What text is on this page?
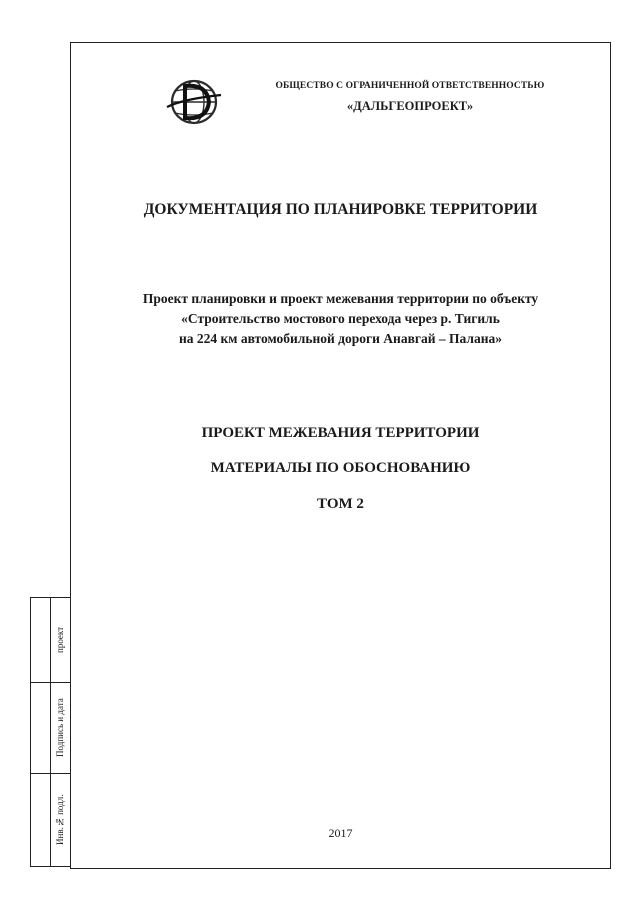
проект
Подпись и дата
Инв.№ подл.
ОБЩЕСТВО С ОГРАНИЧЕННОЙ ОТВЕТСТВЕННОСТЬЮ
«ДАЛЬГЕОПРОЕКТ»
ДОКУМЕНТАЦИЯ ПО ПЛАНИРОВКЕ ТЕРРИТОРИИ
Проект планировки и проект межевания территории по объекту
«Строительство мостового перехода через р. Тигиль
на 224 км автомобильной дороги Анавгай – Палана»
ПРОЕКТ МЕЖЕВАНИЯ ТЕРРИТОРИИ
МАТЕРИАЛЫ ПО ОБОСНОВАНИЮ
ТОМ 2
2017
